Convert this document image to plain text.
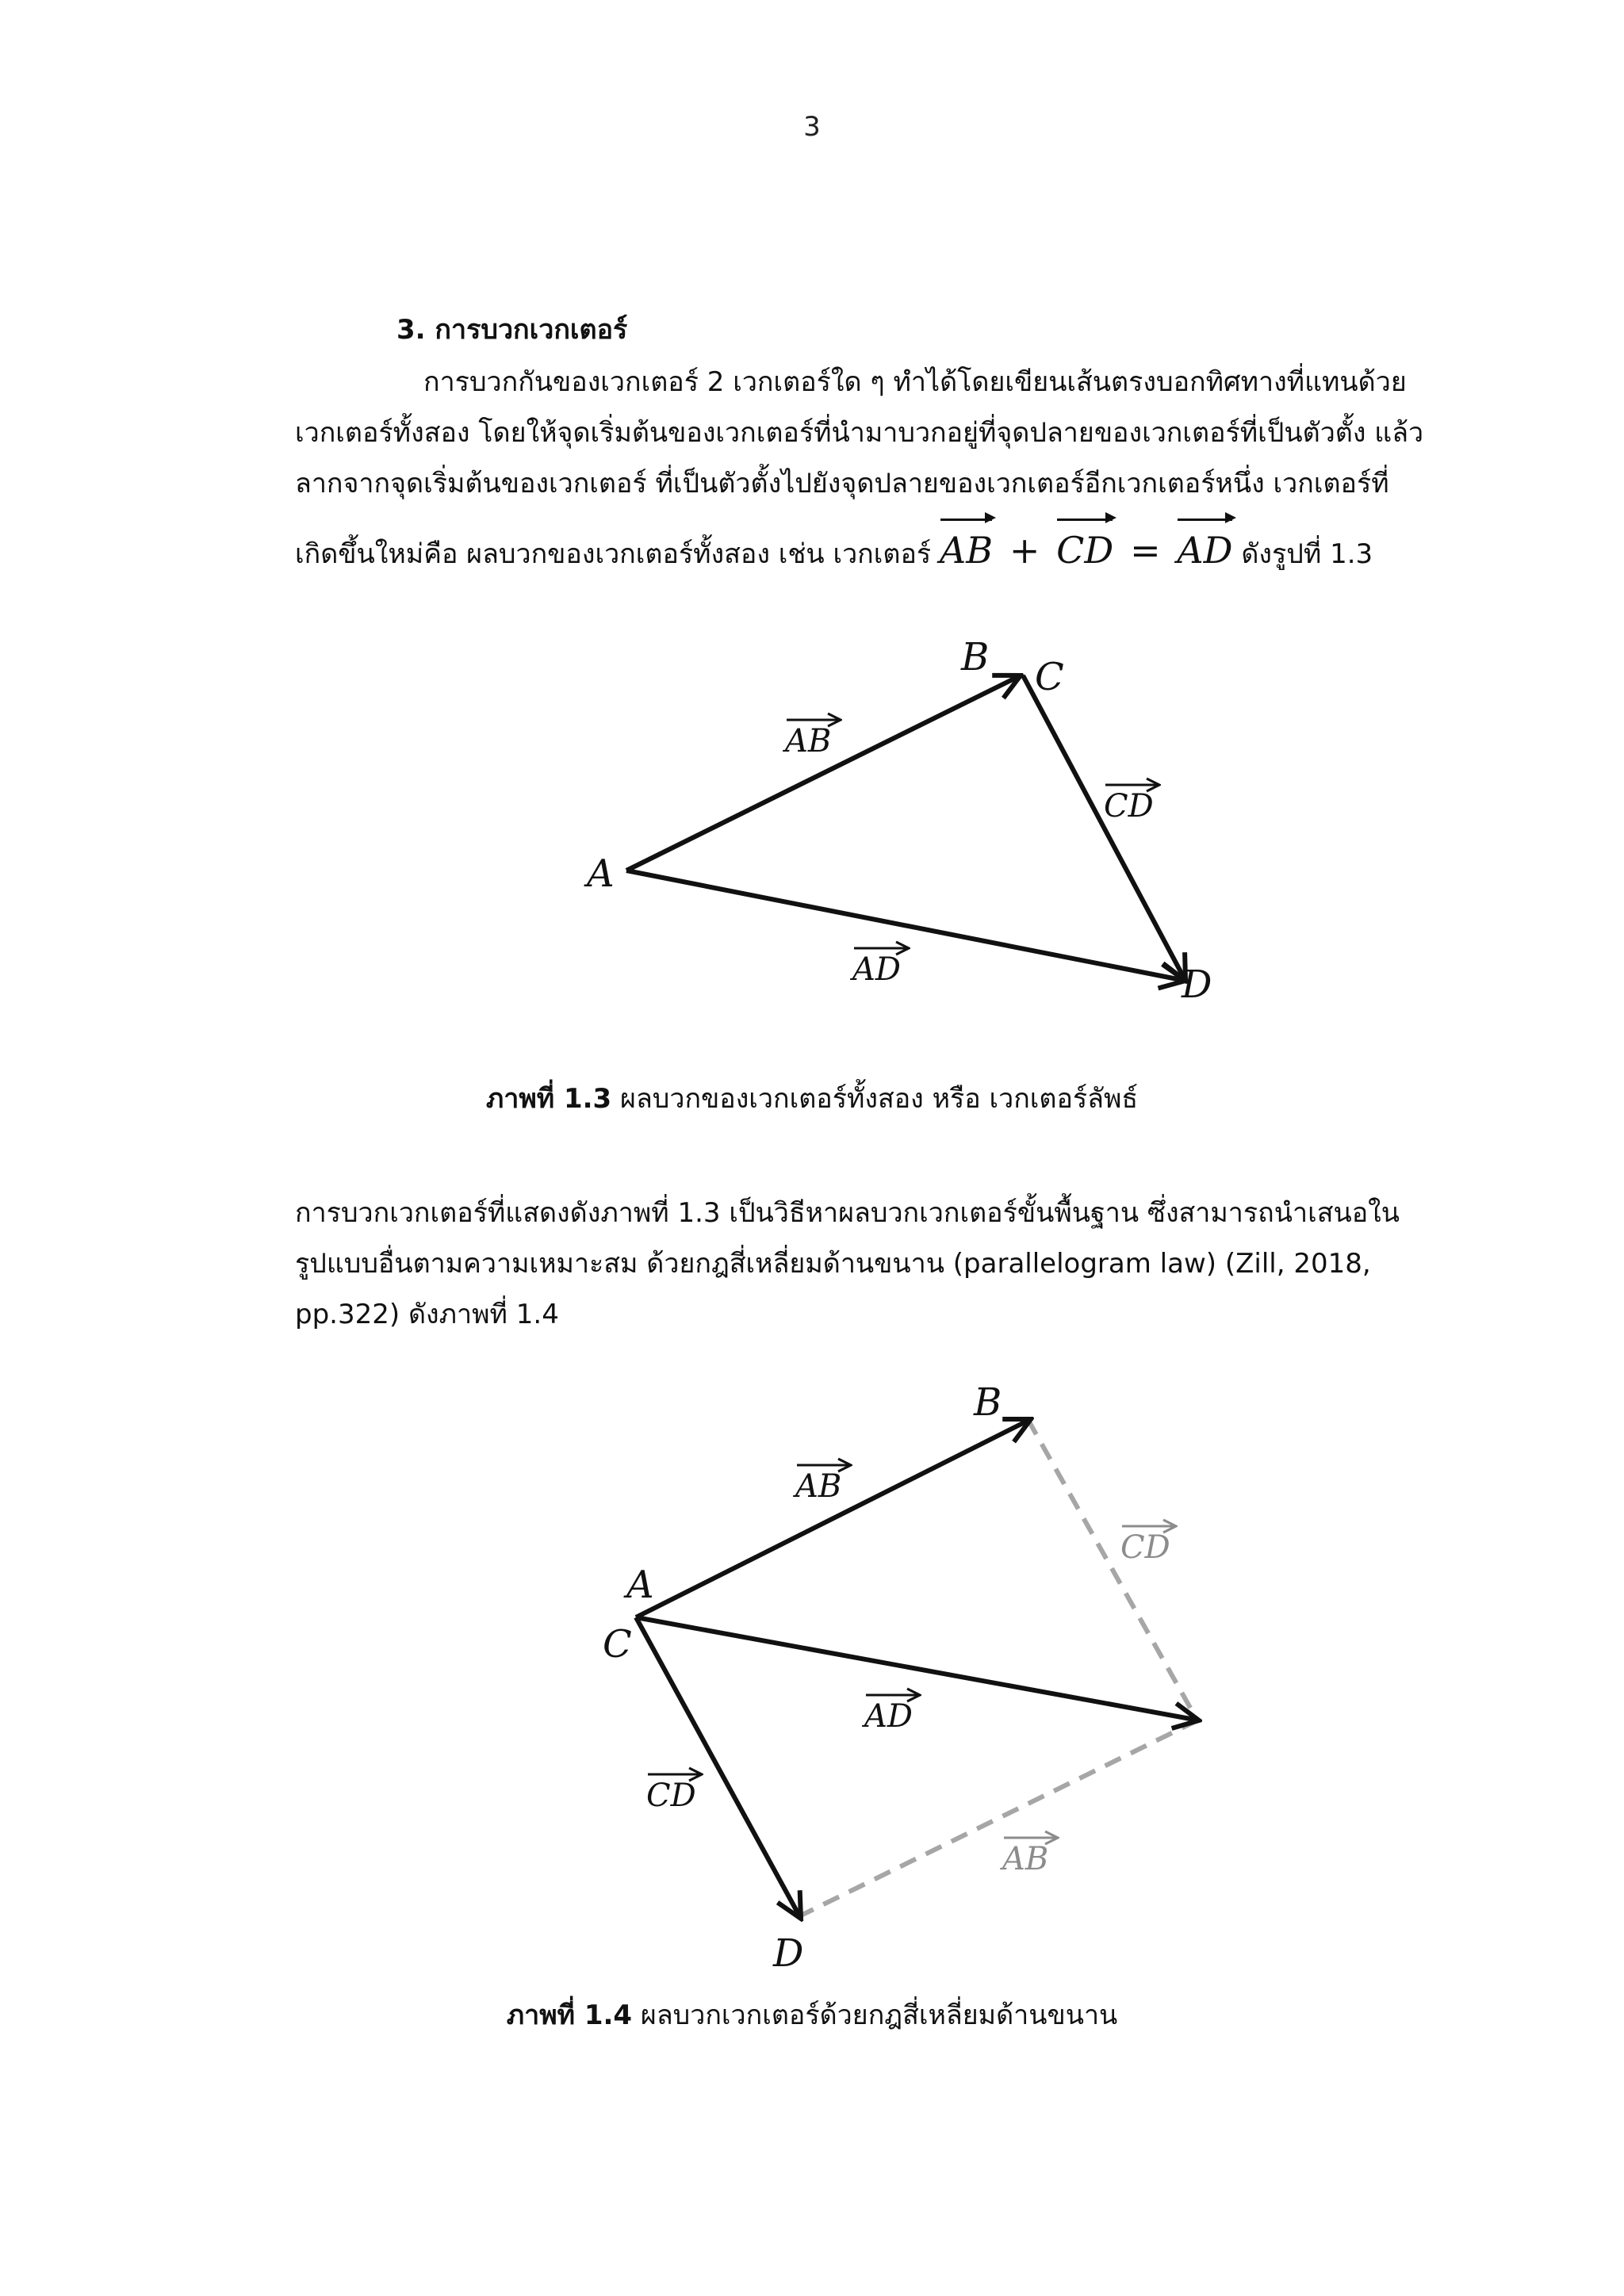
3
3. การบวกเวกเตอร์
การบวกกันของเวกเตอร์ 2 เวกเตอร์ใด ๆ ทำได้โดยเขียนเส้นตรงบอกทิศทางที่แทนด้วย
เวกเตอร์ทั้งสอง โดยให้จุดเริ่มต้นของเวกเตอร์ที่นำมาบวกอยู่ที่จุดปลายของเวกเตอร์ที่เป็นตัวตั้ง แล้ว
ลากจากจุดเริ่มต้นของเวกเตอร์ ที่เป็นตัวตั้งไปยังจุดปลายของเวกเตอร์อีกเวกเตอร์หนึ่ง เวกเตอร์ที่
เกิดขึ้นใหม่คือ ผลบวกของเวกเตอร์ทั้งสอง เช่น เวกเตอร์ AB + CD = AD ดังรูปที่ 1.3
A
B C
D
AB
CD
AD
ภาพที่ 1.3 ผลบวกของเวกเตอร์ทั้งสอง หรือ เวกเตอร์ลัพธ์
การบวกเวกเตอร์ที่แสดงดังภาพที่ 1.3 เป็นวิธีหาผลบวกเวกเตอร์ขั้นพื้นฐาน ซึ่งสามารถนำเสนอใน
รูปแบบอื่นตามความเหมาะสม ด้วยกฎสี่เหลี่ยมด้านขนาน (parallelogram law) (Zill, 2018,
pp.322) ดังภาพที่ 1.4
A
B
C
D
AB
AD
CD
CD
AB
ภาพที่ 1.4 ผลบวกเวกเตอร์ด้วยกฎสี่เหลี่ยมด้านขนาน
